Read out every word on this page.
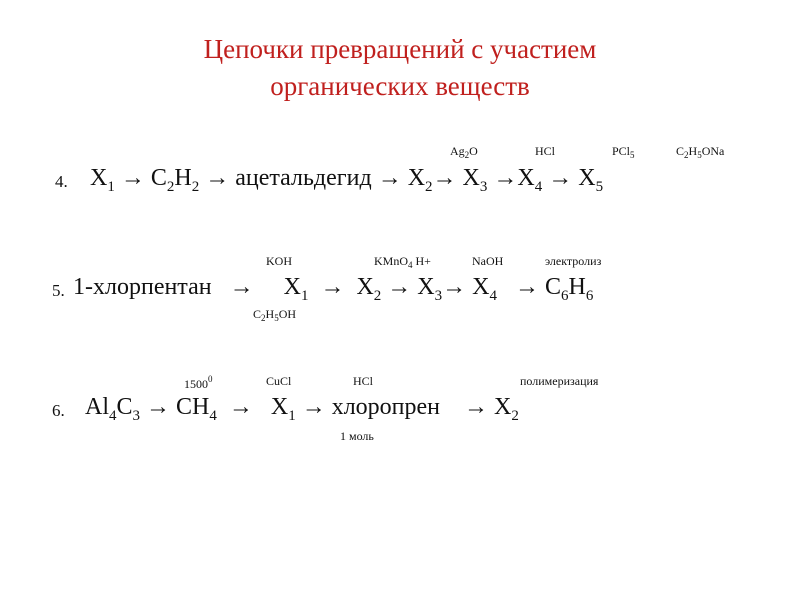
Цепочки превращений с участием
органических веществ
$Ag_2O$	HCl	PCl$_5$	$C_2H_5ONa$
4. $X_1 \to C_2H_2$ → ацетальдегид → $X_2\to X_3 \to X_4 \to X_5$
KOH	KMnO$_4$ H+	NaOH	электролиз
$C_2H_5OH$
5. 1-хлорпентан → $X_1 \to X_2 \to X_3\to X_4 \to C_6H_6$
1500$^0$	CuCl	HCl	полимеризация
1 моль
6. $Al_4C_3 \to CH_4 \to X_1$ → хлоропрен → $X_2$
